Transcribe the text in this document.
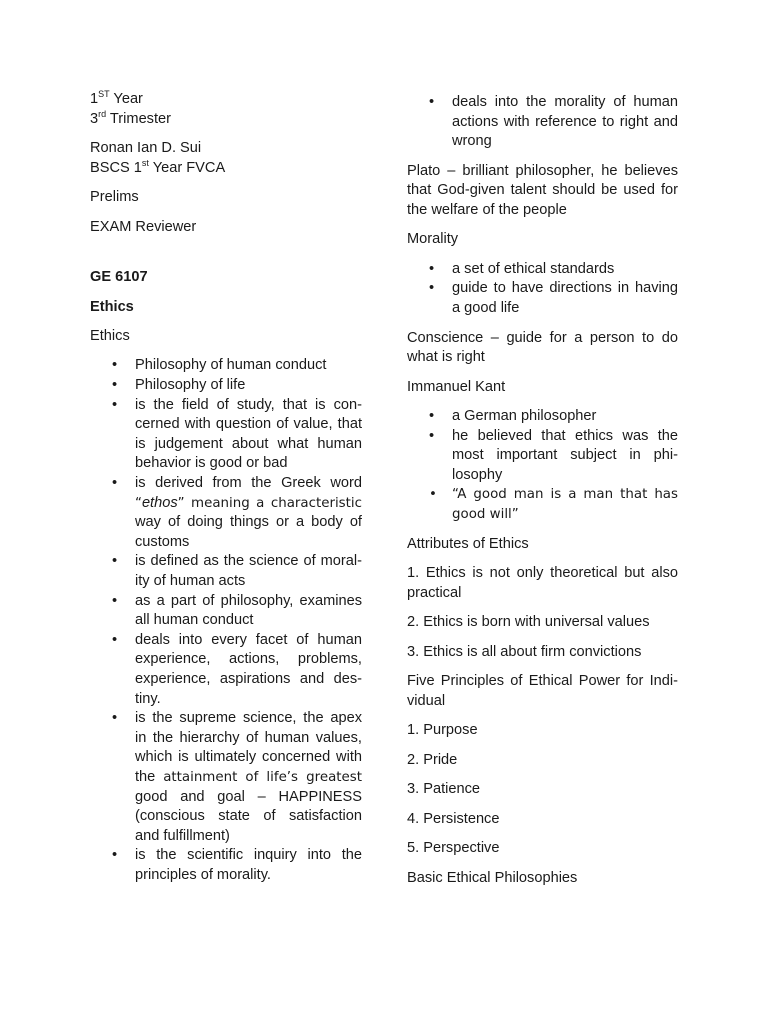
1ST Year

3rd Trimester

Ronan Ian D. Sui

BSCS 1st Year FVCA

Prelims

EXAM Reviewer

GE 6107

Ethics

Ethics

• Philosophy of human conduct
• Philosophy of life
• is the field of study, that is con- cerned with question of value, that is judgement about what human behavior is good or bad
• is derived from the Greek word “ethos” meaning a characteristic way of doing things or a body of customs
• is defined as the science of moral- ity of human acts
• as a part of philosophy, examines all human conduct
• deals into every facet of human experience, actions, problems, experience, aspirations and des- tiny.
• is the supreme science, the apex in the hierarchy of human values, which is ultimately concerned with the attainment of life’s greatest good and goal – HAPPINESS (conscious state of satisfaction and fulfillment)
• is the scientific inquiry into the principles of morality.
• deals into the morality of human actions with reference to right and wrong

Plato – brilliant philosopher, he believes that God-given talent should be used for the welfare of the people

Morality

• a set of ethical standards
• guide to have directions in having a good life

Conscience – guide for a person to do what is right

Immanuel Kant

• a German philosopher
• he believed that ethics was the most important subject in phi- losophy
• “A good man is a man that has good will”

Attributes of Ethics

1. Ethics is not only theoretical but also practical

2. Ethics is born with universal values

3. Ethics is all about firm convictions

Five Principles of Ethical Power for Indi- vidual

1. Purpose

2. Pride

3. Patience

4. Persistence

5. Perspective

Basic Ethical Philosophies
